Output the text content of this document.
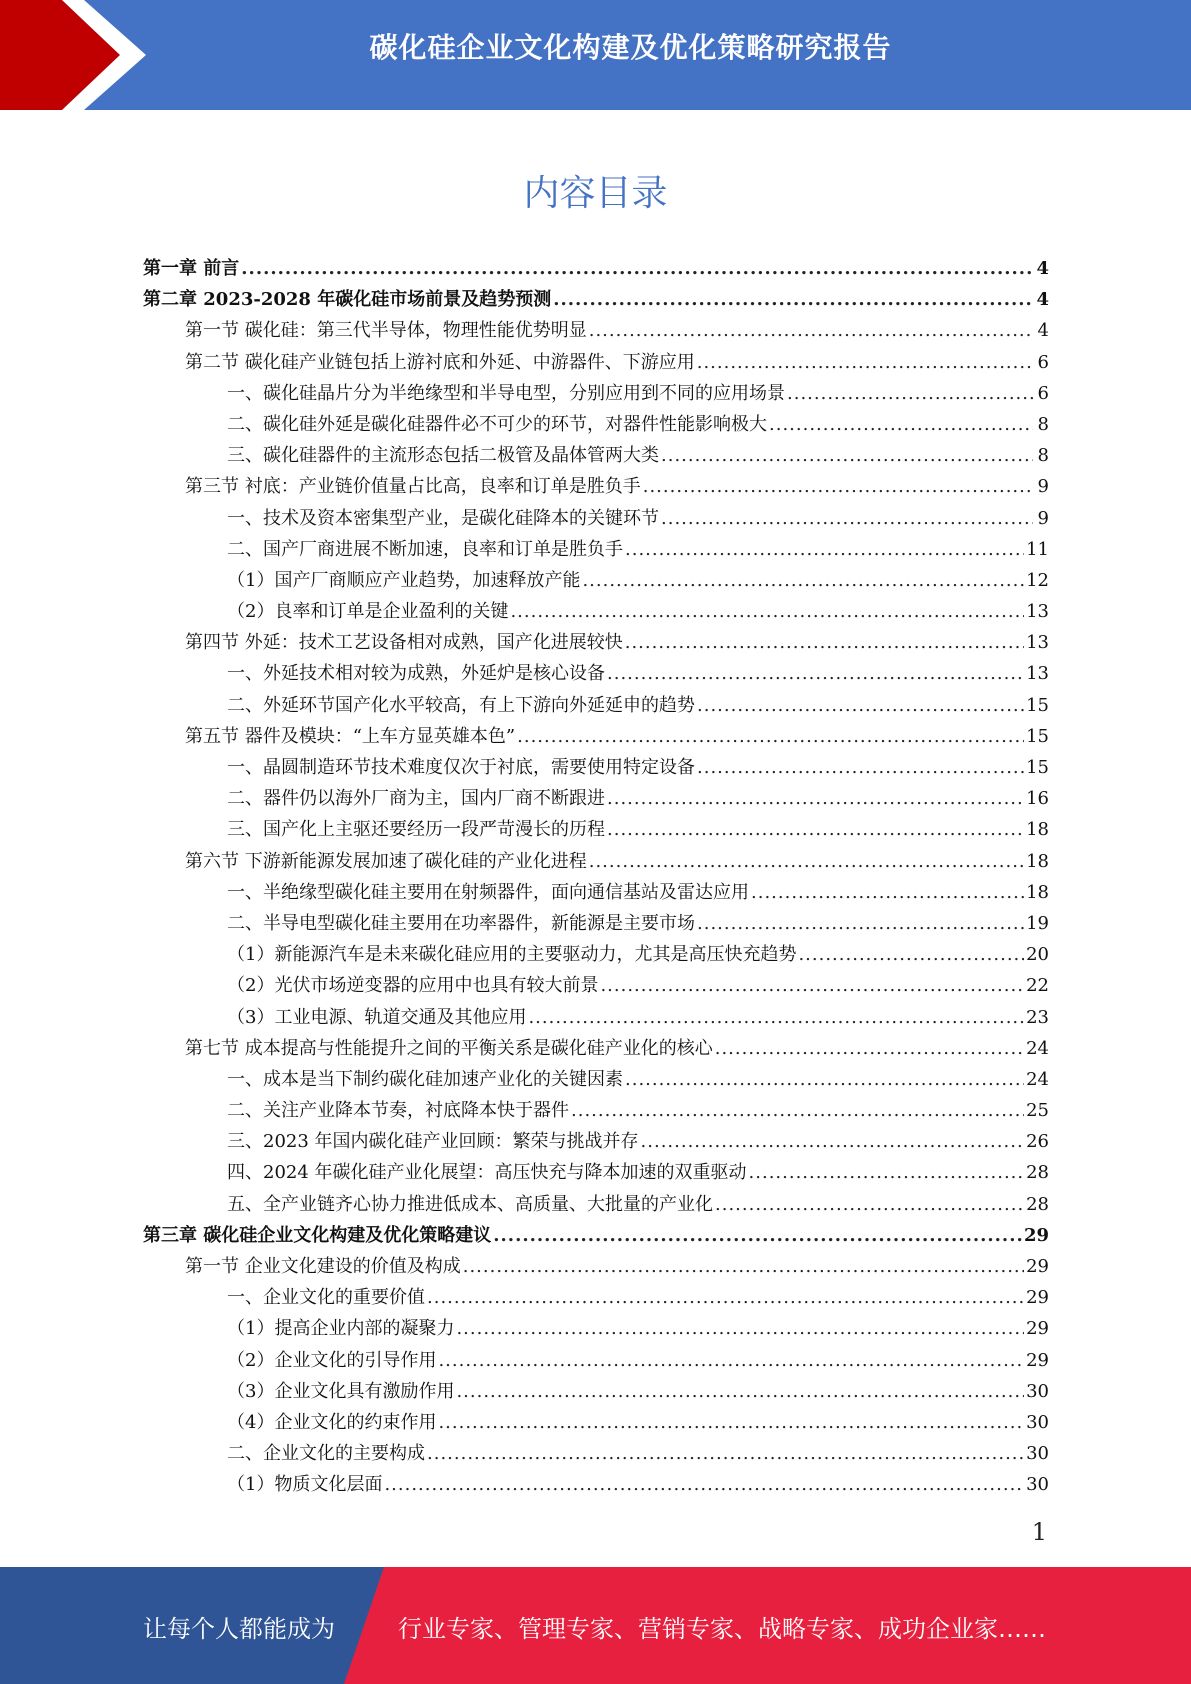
碳化硅企业文化构建及优化策略研究报告
内容目录
第一章 前言 .....	4
第二章 2023-2028 年碳化硅市场前景及趋势预测 .....	4
第一节 碳化硅：第三代半导体，物理性能优势明显 .....	4
第二节 碳化硅产业链包括上游衬底和外延、中游器件、下游应用 .....	6
一、碳化硅晶片分为半绝缘型和半导电型，分别应用到不同的应用场景 .....	6
二、碳化硅外延是碳化硅器件必不可少的环节，对器件性能影响极大 .....	8
三、碳化硅器件的主流形态包括二极管及晶体管两大类 .....	8
第三节 衬底：产业链价值量占比高，良率和订单是胜负手 .....	9
一、技术及资本密集型产业，是碳化硅降本的关键环节 .....	9
二、国产厂商进展不断加速，良率和订单是胜负手 .....	11
（1）国产厂商顺应产业趋势，加速释放产能 .....	12
（2）良率和订单是企业盈利的关键 .....	13
第四节 外延：技术工艺设备相对成熟，国产化进展较快 .....	13
一、外延技术相对较为成熟，外延炉是核心设备 .....	13
二、外延环节国产化水平较高，有上下游向外延延申的趋势 .....	15
第五节 器件及模块：“上车方显英雄本色” .....	15
一、晶圆制造环节技术难度仅次于衬底，需要使用特定设备 .....	15
二、器件仍以海外厂商为主，国内厂商不断跟进 .....	16
三、国产化上主驱还要经历一段严苛漫长的历程 .....	18
第六节 下游新能源发展加速了碳化硅的产业化进程 .....	18
一、半绝缘型碳化硅主要用在射频器件，面向通信基站及雷达应用 .....	18
二、半导电型碳化硅主要用在功率器件，新能源是主要市场 .....	19
（1）新能源汽车是未来碳化硅应用的主要驱动力，尤其是高压快充趋势 .....	20
（2）光伏市场逆变器的应用中也具有较大前景 .....	22
（3）工业电源、轨道交通及其他应用 .....	23
第七节 成本提高与性能提升之间的平衡关系是碳化硅产业化的核心 .....	24
一、成本是当下制约碳化硅加速产业化的关键因素 .....	24
二、关注产业降本节奏，衬底降本快于器件 .....	25
三、2023 年国内碳化硅产业回顾：繁荣与挑战并存 .....	26
四、2024 年碳化硅产业化展望：高压快充与降本加速的双重驱动 .....	28
五、全产业链齐心协力推进低成本、高质量、大批量的产业化 .....	28
第三章 碳化硅企业文化构建及优化策略建议 .....	29
第一节 企业文化建设的价值及构成 .....	29
一、企业文化的重要价值 .....	29
（1）提高企业内部的凝聚力 .....	29
（2）企业文化的引导作用 .....	29
（3）企业文化具有激励作用 .....	30
（4）企业文化的约束作用 .....	30
二、企业文化的主要构成 .....	30
（1）物质文化层面 .....	30
1
让每个人都能成为	行业专家、管理专家、营销专家、战略专家、成功企业家……
